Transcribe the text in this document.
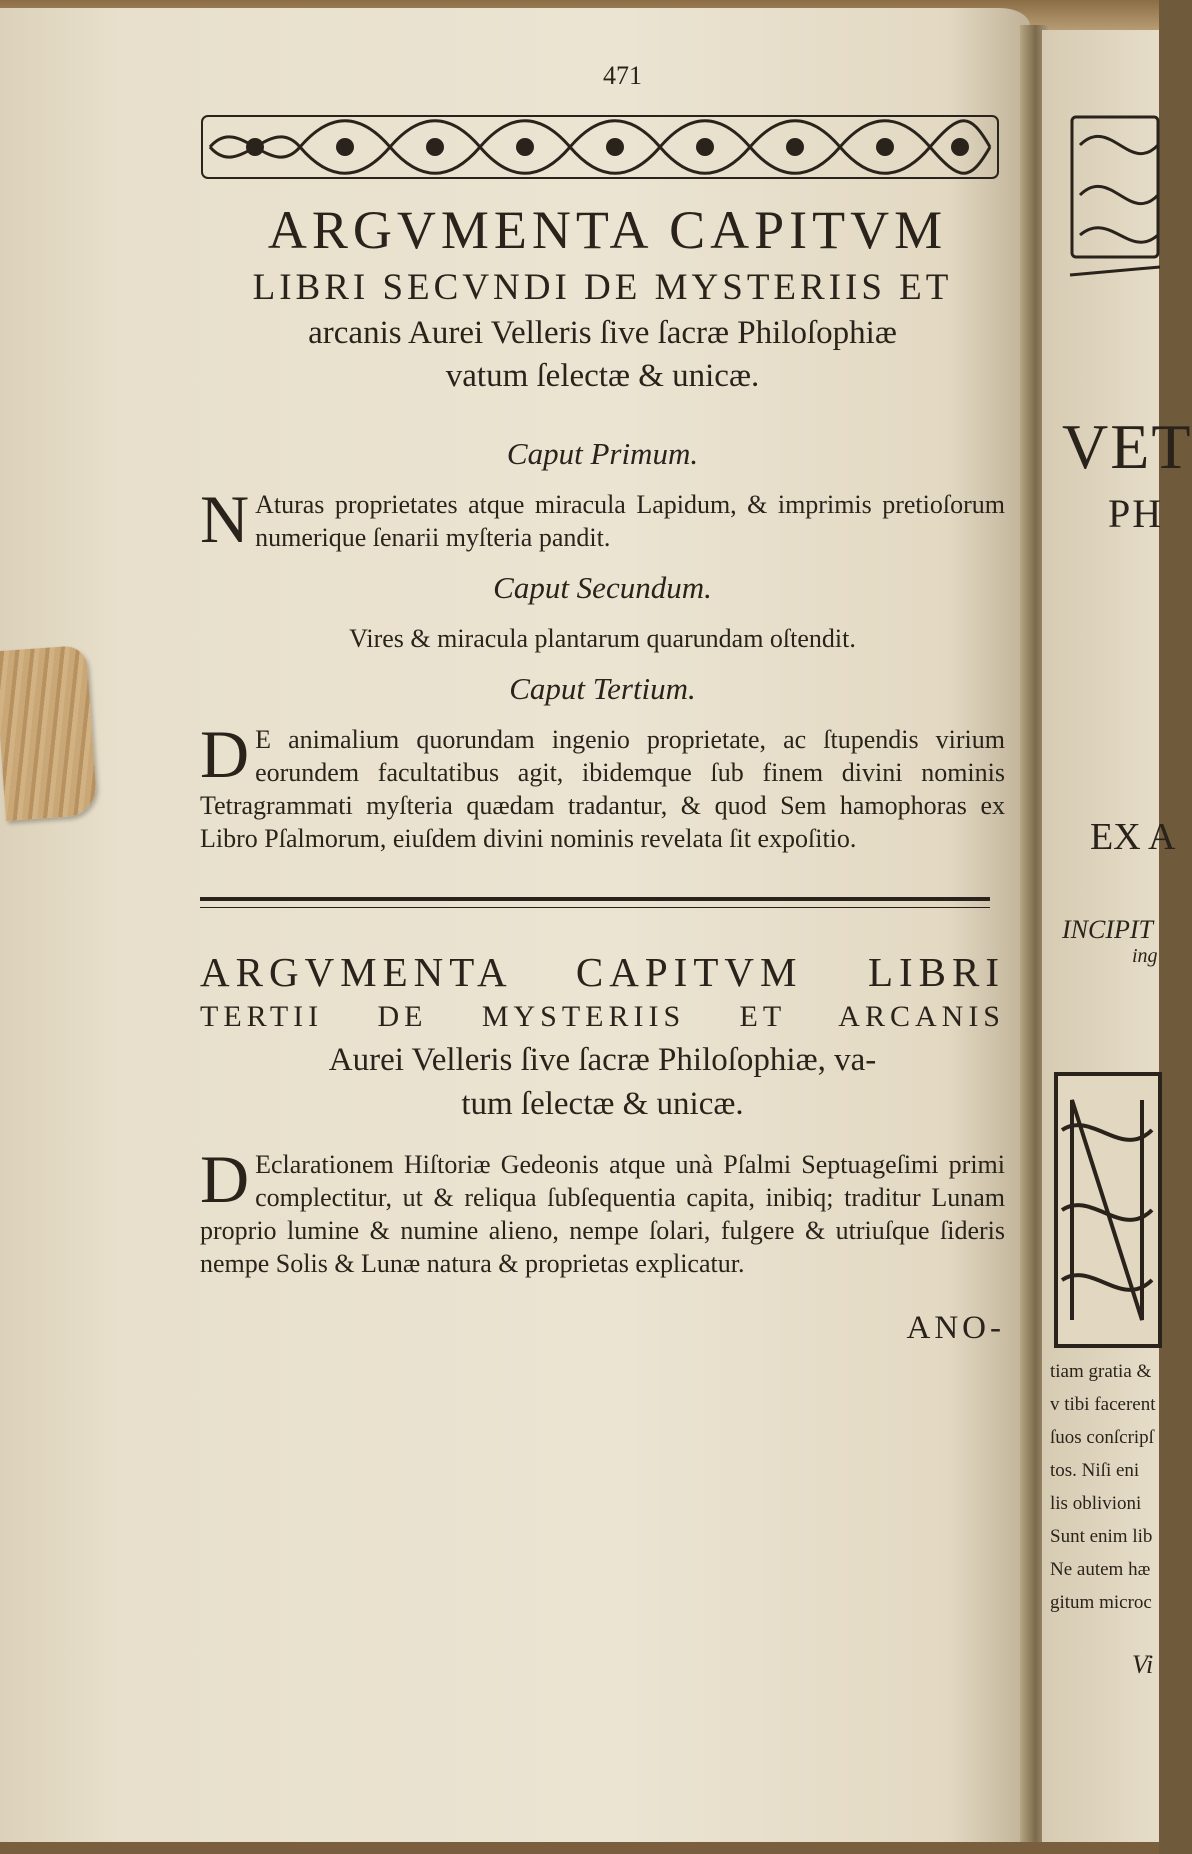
471
ARGVMENTA CAPITVM
LIBRI SECVNDI DE MYSTERIIS ET
arcanis Aurei Velleris ſive ſacræ Philoſophiæ
vatum ſelectæ & unicæ.
Caput Primum.
N Aturas proprietates atque miracula Lapidum, & imprimis pretioſorum numerique ſenarii myſteria pandit.
Caput Secundum.
Vires & miracula plantarum quarundam oſtendit.
Caput Tertium.
D E animalium quorundam ingenio proprietate, ac ſtupendis virium eorundem facultatibus agit, ibidemque ſub finem divini nominis Tetragrammati myſteria quædam tradantur, & quod Sem hamophoras ex Libro Pſalmorum, eiuſdem divini nominis revelata ſit expoſitio.
ARGVMENTA CAPITVM LIBRI
TERTII DE MYSTERIIS ET ARCANIS
Aurei Velleris ſive ſacræ Philoſophiæ, va-
tum ſelectæ & unicæ.
D Eclarationem Hiſtoriæ Gedeonis atque unà Pſalmi Septuageſimi primi complectitur, ut & reliqua ſubſequentia capita, inibiq; traditur Lunam proprio lumine & numine alieno, nempe ſolari, fulgere & utriuſque ſideris nempe Solis & Lunæ natura & proprietas explicatur.
ANO-
VET
PH
EX A
INCIPIT
ing
tiam gratia &
v tibi facerent
ſuos conſcripſ
tos. Niſi eni
lis oblivioni
Sunt enim lib
Ne autem hæ
gitum microc
Vi
